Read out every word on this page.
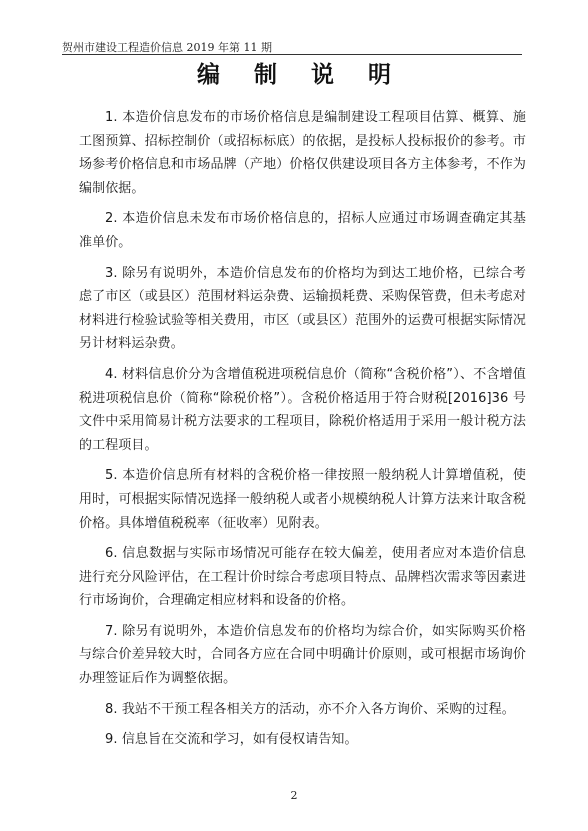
贺州市建设工程造价信息 2019 年第 11 期
编 制 说 明

1. 本造价信息发布的市场价格信息是编制建设工程项目估算、概算、施工图预算、招标控制价（或招标标底）的依据，是投标人投标报价的参考。市场参考价格信息和市场品牌（产地）价格仅供建设项目各方主体参考，不作为编制依据。

2. 本造价信息未发布市场价格信息的，招标人应通过市场调查确定其基准单价。

3. 除另有说明外，本造价信息发布的价格均为到达工地价格，已综合考虑了市区（或县区）范围材料运杂费、运输损耗费、采购保管费，但未考虑对材料进行检验试验等相关费用，市区（或县区）范围外的运费可根据实际情况另计材料运杂费。

4. 材料信息价分为含增值税进项税信息价（简称“含税价格”）、不含增值税进项税信息价（简称“除税价格”）。含税价格适用于符合财税[2016]36 号文件中采用简易计税方法要求的工程项目，除税价格适用于采用一般计税方法的工程项目。

5. 本造价信息所有材料的含税价格一律按照一般纳税人计算增值税，使用时，可根据实际情况选择一般纳税人或者小规模纳税人计算方法来计取含税价格。具体增值税税率（征收率）见附表。

6. 信息数据与实际市场情况可能存在较大偏差，使用者应对本造价信息进行充分风险评估，在工程计价时综合考虑项目特点、品牌档次需求等因素进行市场询价，合理确定相应材料和设备的价格。

7. 除另有说明外，本造价信息发布的价格均为综合价，如实际购买价格与综合价差异较大时，合同各方应在合同中明确计价原则，或可根据市场询价办理签证后作为调整依据。

8. 我站不干预工程各相关方的活动，亦不介入各方询价、采购的过程。

9. 信息旨在交流和学习，如有侵权请告知。

2
